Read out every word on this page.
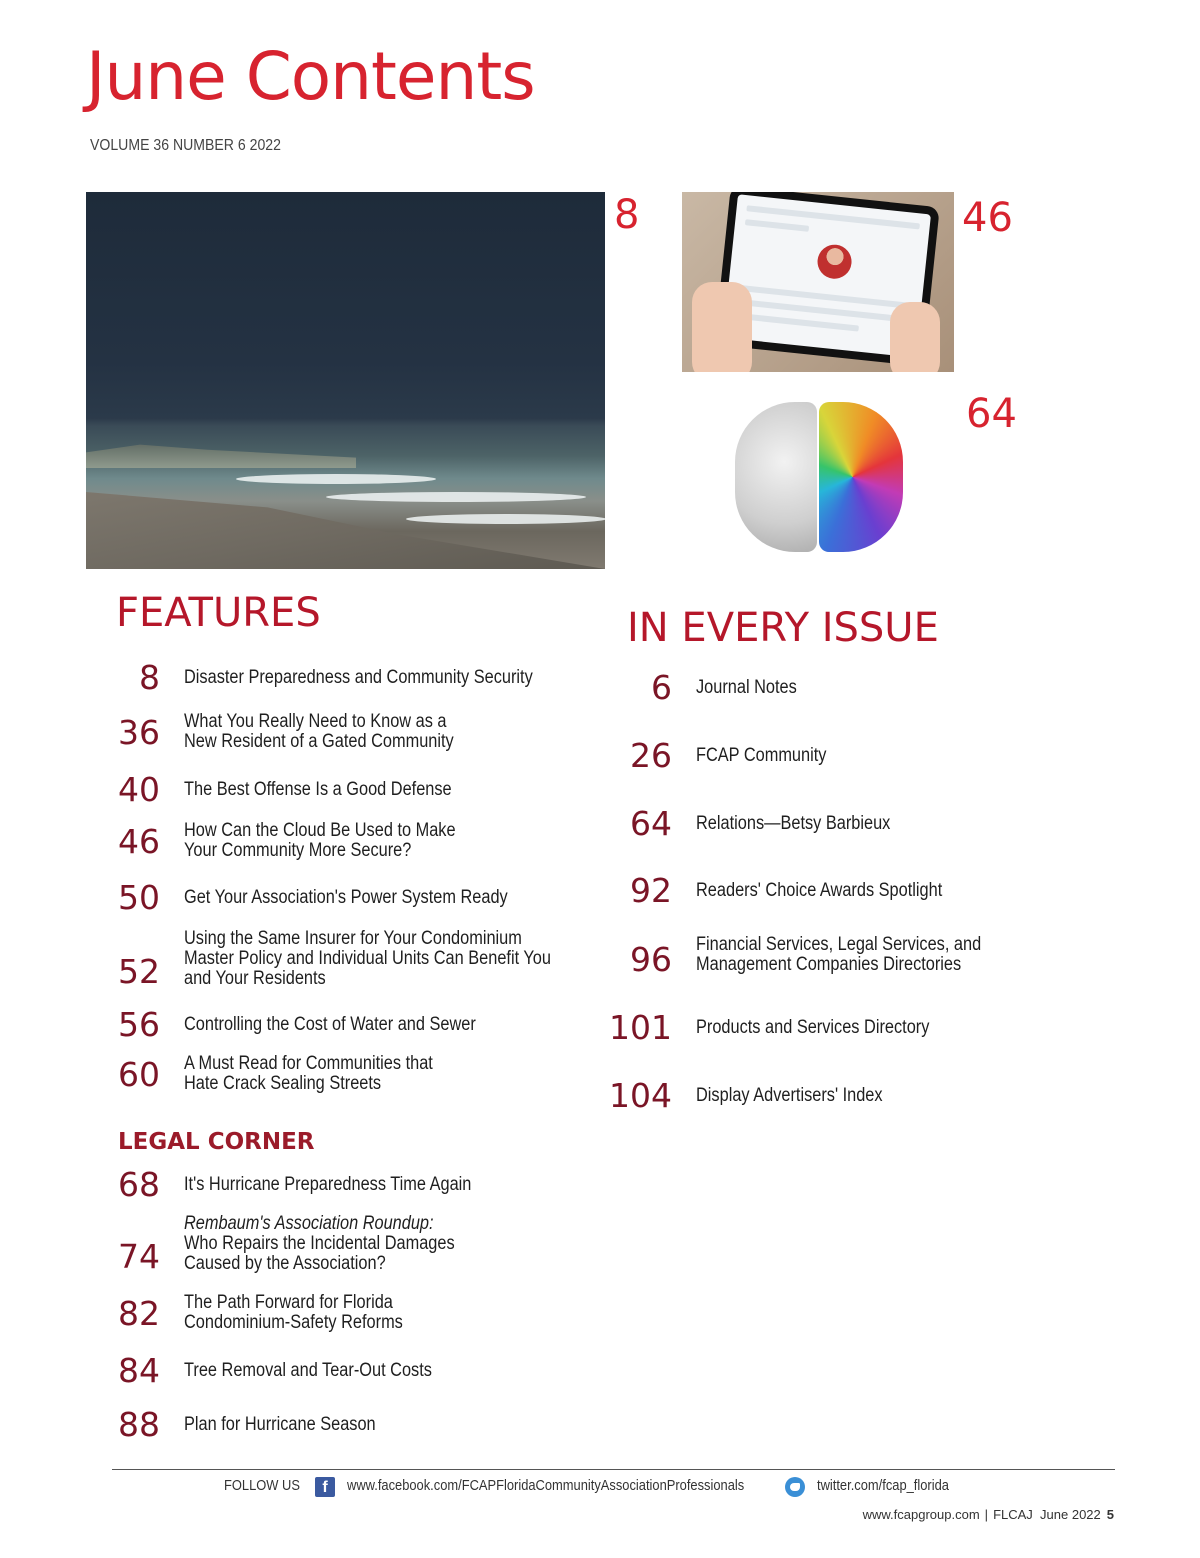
June Contents
VOLUME 36 NUMBER 6 2022
8	46
64
FEATURES
8 Disaster Preparedness and Community Security
36 What You Really Need to Know as a
New Resident of a Gated Community
40 The Best Offense Is a Good Defense
46 How Can the Cloud Be Used to Make
Your Community More Secure?
50 Get Your Association's Power System Ready
52
Using the Same Insurer for Your Condominium
Master Policy and Individual Units Can Benefit You
and Your Residents
56 Controlling the Cost of Water and Sewer
60 A Must Read for Communities that
Hate Crack Sealing Streets
LEGAL CORNER
68 It's Hurricane Preparedness Time Again
74
Rembaum's Association Roundup:
Who Repairs the Incidental Damages
Caused by the Association?
82 The Path Forward for Florida
Condominium-Safety Reforms
84 Tree Removal and Tear-Out Costs
88 Plan for Hurricane Season
IN EVERY ISSUE
6 Journal Notes
26 FCAP Community
64 Relations—Betsy Barbieux
92 Readers' Choice Awards Spotlight
96 Financial Services, Legal Services, and
Management Companies Directories
101 Products and Services Directory
104 Display Advertisers' Index
FOLLOW US	f	www.facebook.com/FCAPFloridaCommunityAssociationProfessionals	twitter.com/fcap_florida
www.fcapgroup.com | FLCAJ June 2022 5
